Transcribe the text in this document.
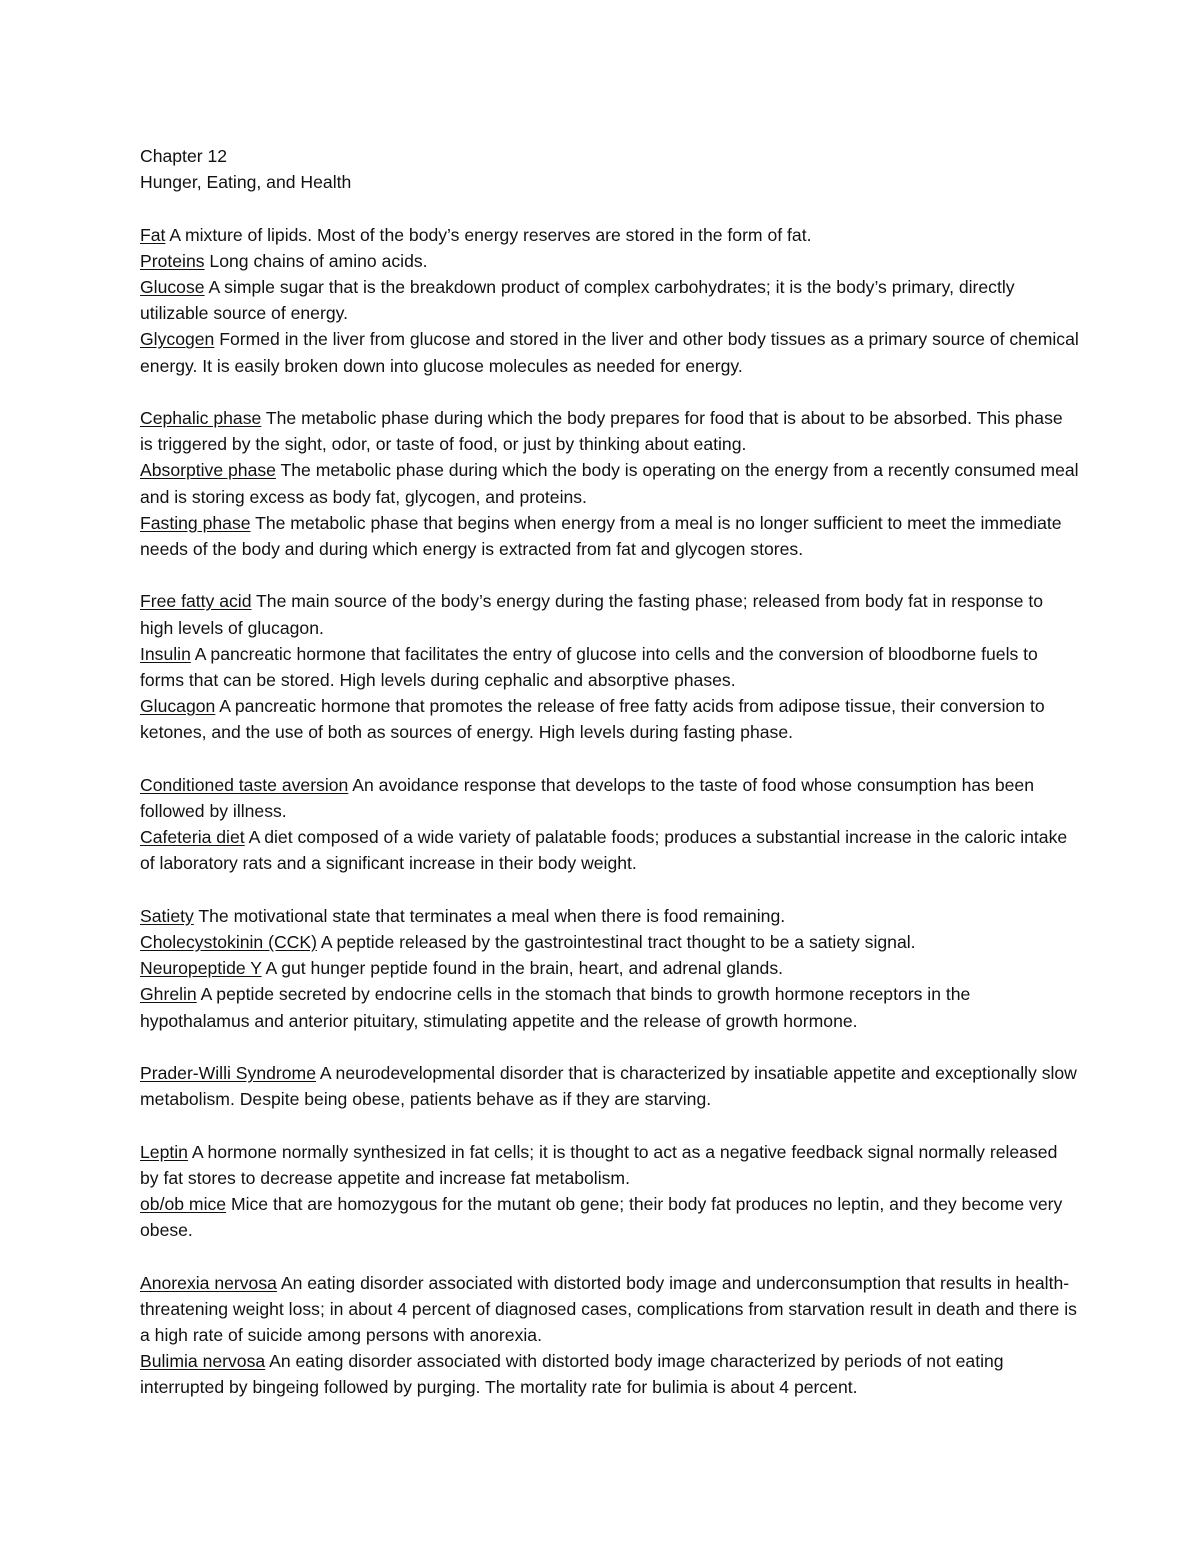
Chapter 12
Hunger, Eating, and Health

Fat A mixture of lipids. Most of the body’s energy reserves are stored in the form of fat.

Proteins Long chains of amino acids.

Glucose A simple sugar that is the breakdown product of complex carbohydrates; it is the body’s primary, directly utilizable source of energy.

Glycogen Formed in the liver from glucose and stored in the liver and other body tissues as a primary source of chemical energy. It is easily broken down into glucose molecules as needed for energy.

Cephalic phase The metabolic phase during which the body prepares for food that is about to be absorbed. This phase is triggered by the sight, odor, or taste of food, or just by thinking about eating.

Absorptive phase The metabolic phase during which the body is operating on the energy from a recently consumed meal and is storing excess as body fat, glycogen, and proteins.

Fasting phase The metabolic phase that begins when energy from a meal is no longer sufficient to meet the immediate needs of the body and during which energy is extracted from fat and glycogen stores.

Free fatty acid The main source of the body’s energy during the fasting phase; released from body fat in response to high levels of glucagon.

Insulin A pancreatic hormone that facilitates the entry of glucose into cells and the conversion of bloodborne fuels to forms that can be stored. High levels during cephalic and absorptive phases.

Glucagon A pancreatic hormone that promotes the release of free fatty acids from adipose tissue, their conversion to ketones, and the use of both as sources of energy. High levels during fasting phase.

Conditioned taste aversion An avoidance response that develops to the taste of food whose consumption has been followed by illness.

Cafeteria diet A diet composed of a wide variety of palatable foods; produces a substantial increase in the caloric intake of laboratory rats and a significant increase in their body weight.

Satiety The motivational state that terminates a meal when there is food remaining.

Cholecystokinin (CCK) A peptide released by the gastrointestinal tract thought to be a satiety signal.

Neuropeptide Y A gut hunger peptide found in the brain, heart, and adrenal glands.

Ghrelin A peptide secreted by endocrine cells in the stomach that binds to growth hormone receptors in the hypothalamus and anterior pituitary, stimulating appetite and the release of growth hormone.

Prader-Willi Syndrome A neurodevelopmental disorder that is characterized by insatiable appetite and exceptionally slow metabolism. Despite being obese, patients behave as if they are starving.

Leptin A hormone normally synthesized in fat cells; it is thought to act as a negative feedback signal normally released by fat stores to decrease appetite and increase fat metabolism.

ob/ob mice Mice that are homozygous for the mutant ob gene; their body fat produces no leptin, and they become very obese.

Anorexia nervosa An eating disorder associated with distorted body image and underconsumption that results in health-threatening weight loss; in about 4 percent of diagnosed cases, complications from starvation result in death and there is a high rate of suicide among persons with anorexia.

Bulimia nervosa An eating disorder associated with distorted body image characterized by periods of not eating interrupted by bingeing followed by purging. The mortality rate for bulimia is about 4 percent.
